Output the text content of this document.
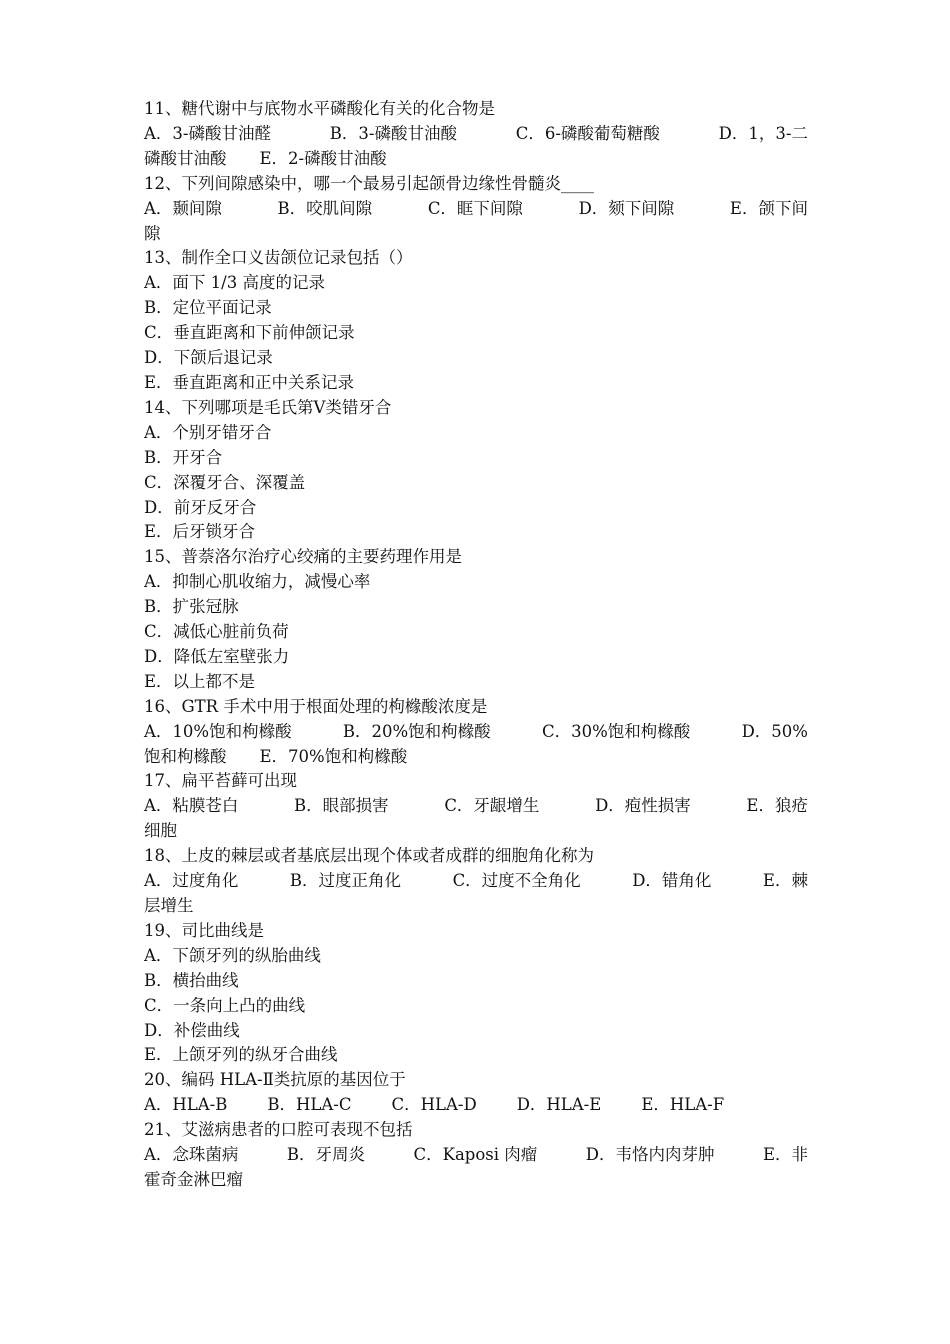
11、糖代谢中与底物水平磷酸化有关的化合物是
A．3-磷酸甘油醛	B．3-磷酸甘油酸	C．6-磷酸葡萄糖酸	D．1，3-二
磷酸甘油酸　　E．2-磷酸甘油酸
12、下列间隙感染中，哪一个最易引起颌骨边缘性骨髓炎____
A．颞间隙	B．咬肌间隙	C．眶下间隙	D．颏下间隙	E．颌下间
隙
13、制作全口义齿颌位记录包括（）
A．面下 1/3 高度的记录
B．定位平面记录
C．垂直距离和下前伸颌记录
D．下颌后退记录
E．垂直距离和正中关系记录
14、下列哪项是毛氏第Ⅴ类错牙合
A．个别牙错牙合
B．开牙合
C．深覆牙合、深覆盖
D．前牙反牙合
E．后牙锁牙合
15、普萘洛尔治疗心绞痛的主要药理作用是
A．抑制心肌收缩力，减慢心率
B．扩张冠脉
C．减低心脏前负荷
D．降低左室壁张力
E．以上都不是
16、GTR 手术中用于根面处理的枸橼酸浓度是
A．10%饱和枸橼酸	B．20%饱和枸橼酸	C．30%饱和枸橼酸	D．50%
饱和枸橼酸　　E．70%饱和枸橼酸
17、扁平苔藓可出现
A．粘膜苍白	B．眼部损害	C．牙龈增生	D．疱性损害	E．狼疮
细胞
18、上皮的棘层或者基底层出现个体或者成群的细胞角化称为
A．过度角化	B．过度正角化	C．过度不全角化	D．错角化	E．棘
层增生
19、司比曲线是
A．下颌牙列的纵胎曲线
B．横抬曲线
C．一条向上凸的曲线
D．补偿曲线
E．上颌牙列的纵牙合曲线
20、编码 HLA-Ⅱ类抗原的基因位于
A．HLA-B B．HLA-C C．HLA-D D．HLA-E E．HLA-F
21、艾滋病患者的口腔可表现不包括
A．念珠菌病	B．牙周炎	C．Kaposi 肉瘤	D．韦恪内肉芽肿	E．非
霍奇金淋巴瘤
